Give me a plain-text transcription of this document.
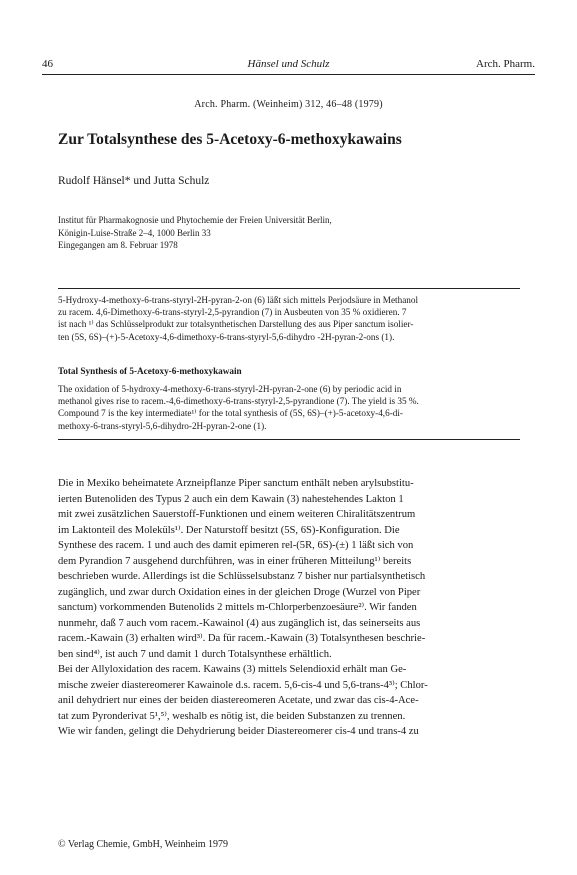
46	Hänsel und Schulz	Arch. Pharm.
Arch. Pharm. (Weinheim) 312, 46–48 (1979)
Zur Totalsynthese des 5-Acetoxy-6-methoxykawains
Rudolf Hänsel* und Jutta Schulz
Institut für Pharmakognosie und Phytochemie der Freien Universität Berlin,
Königin-Luise-Straße 2–4, 1000 Berlin 33
Eingegangen am 8. Februar 1978
5-Hydroxy-4-methoxy-6-trans-styryl-2H-pyran-2-on (6) läßt sich mittels Perjodsäure in Methanol
zu racem. 4,6-Dimethoxy-6-trans-styryl-2,5-pyrandion (7) in Ausbeuten von 35 % oxidieren. 7
ist nach ¹⁾ das Schlüsselprodukt zur totalsynthetischen Darstellung des aus Piper sanctum isolier-
ten (5S, 6S)–(+)-5-Acetoxy-4,6-dimethoxy-6-trans-styryl-5,6-dihydro -2H-pyran-2-ons (1).
Total Synthesis of 5-Acetoxy-6-methoxykawain
The oxidation of 5-hydroxy-4-methoxy-6-trans-styryl-2H-pyran-2-one (6) by periodic acid in
methanol gives rise to racem.-4,6-dimethoxy-6-trans-styryl-2,5-pyrandione (7). The yield is 35 %.
Compound 7 is the key intermediate¹⁾ for the total synthesis of (5S, 6S)–(+)-5-acetoxy-4,6-di-
methoxy-6-trans-styryl-5,6-dihydro-2H-pyran-2-one (1).
Die in Mexiko beheimatete Arzneipflanze Piper sanctum enthält neben arylsubstitu-
ierten Butenoliden des Typus 2 auch ein dem Kawain (3) nahestehendes Lakton 1
mit zwei zusätzlichen Sauerstoff-Funktionen und einem weiteren Chiralitätszentrum
im Laktonteil des Moleküls¹⁾. Der Naturstoff besitzt (5S, 6S)-Konfiguration. Die
Synthese des racem. 1 und auch des damit epimeren rel-(5R, 6S)-(±) 1 läßt sich von
dem Pyrandion 7 ausgehend durchführen, was in einer früheren Mitteilung¹⁾ bereits
beschrieben wurde. Allerdings ist die Schlüsselsubstanz 7 bisher nur partialsynthetisch
zugänglich, und zwar durch Oxidation eines in der gleichen Droge (Wurzel von Piper
sanctum) vorkommenden Butenolids 2 mittels m-Chlorperbenzoesäure²⁾. Wir fanden
nunmehr, daß 7 auch vom racem.-Kawainol (4) aus zugänglich ist, das seinerseits aus
racem.-Kawain (3) erhalten wird³⁾. Da für racem.-Kawain (3) Totalsynthesen beschrie-
ben sind⁴⁾, ist auch 7 und damit 1 durch Totalsynthese erhältlich.
Bei der Allyloxidation des racem. Kawains (3) mittels Selendioxid erhält man Ge-
mische zweier diastereomerer Kawainole d.s. racem. 5,6-cis-4 und 5,6-trans-4³⁾; Chlor-
anil dehydriert nur eines der beiden diastereomeren Acetate, und zwar das cis-4-Ace-
tat zum Pyronderivat 5¹,⁵⁾, weshalb es nötig ist, die beiden Substanzen zu trennen.
Wie wir fanden, gelingt die Dehydrierung beider Diastereomerer cis-4 und trans-4 zu
© Verlag Chemie, GmbH, Weinheim 1979
